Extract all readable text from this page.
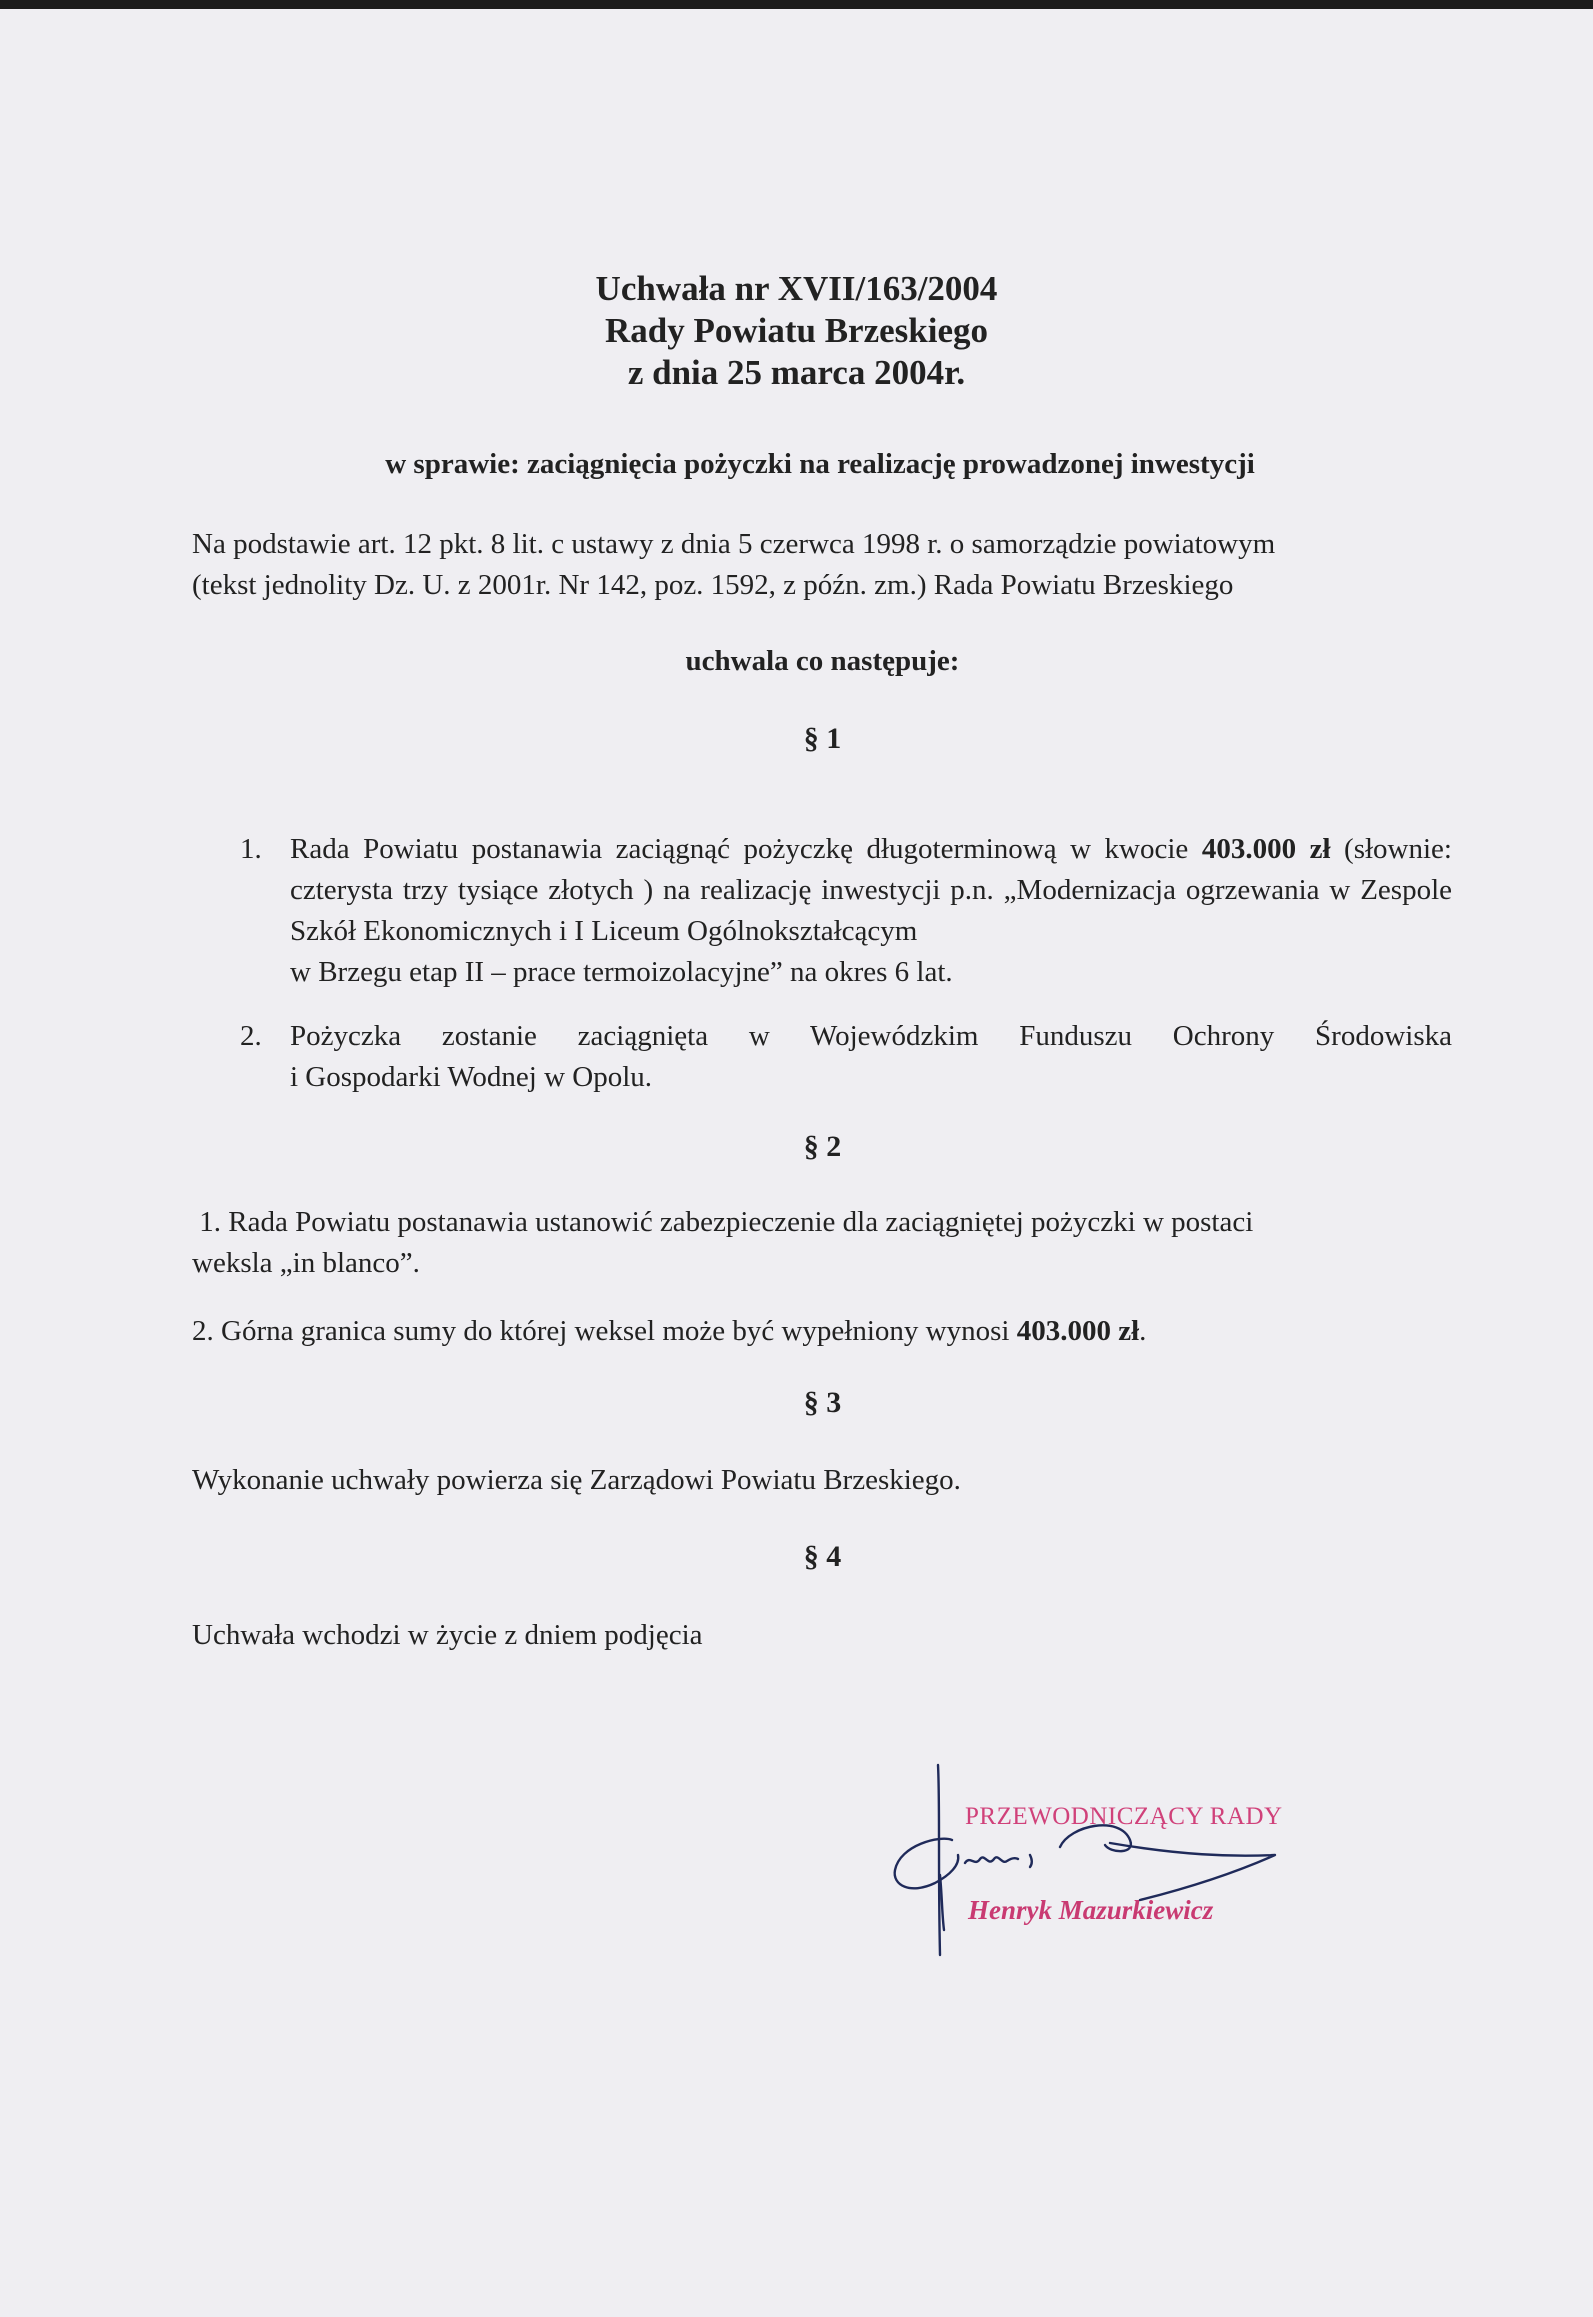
Uchwała nr XVII/163/2004
Rady Powiatu Brzeskiego
z dnia 25 marca 2004r.
w sprawie: zaciągnięcia pożyczki na realizację prowadzonej inwestycji
Na podstawie art. 12 pkt. 8 lit. c ustawy z dnia 5 czerwca 1998 r. o samorządzie powiatowym
(tekst jednolity Dz. U. z 2001r. Nr 142, poz. 1592, z późn. zm.) Rada Powiatu Brzeskiego
uchwala co następuje:
§ 1
1. Rada Powiatu postanawia zaciągnąć pożyczkę długoterminową w kwocie 403.000 zł (słownie: czterysta trzy tysiące złotych ) na realizację inwestycji p.n. „Modernizacja ogrzewania w Zespole Szkół Ekonomicznych i I Liceum Ogólnokształcącym
w Brzegu etap II – prace termoizolacyjne” na okres 6 lat.
2. Pożyczka zostanie zaciągnięta w Wojewódzkim Funduszu Ochrony Środowiska
i Gospodarki Wodnej w Opolu.
§ 2
1. Rada Powiatu postanawia ustanowić zabezpieczenie dla zaciągniętej pożyczki w postaci
weksla „in blanco”.
2. Górna granica sumy do której weksel może być wypełniony wynosi 403.000 zł.
§ 3
Wykonanie uchwały powierza się Zarządowi Powiatu Brzeskiego.
§ 4
Uchwała wchodzi w życie z dniem podjęcia
PRZEWODNICZĄCY RADY
Henryk Mazurkiewicz
